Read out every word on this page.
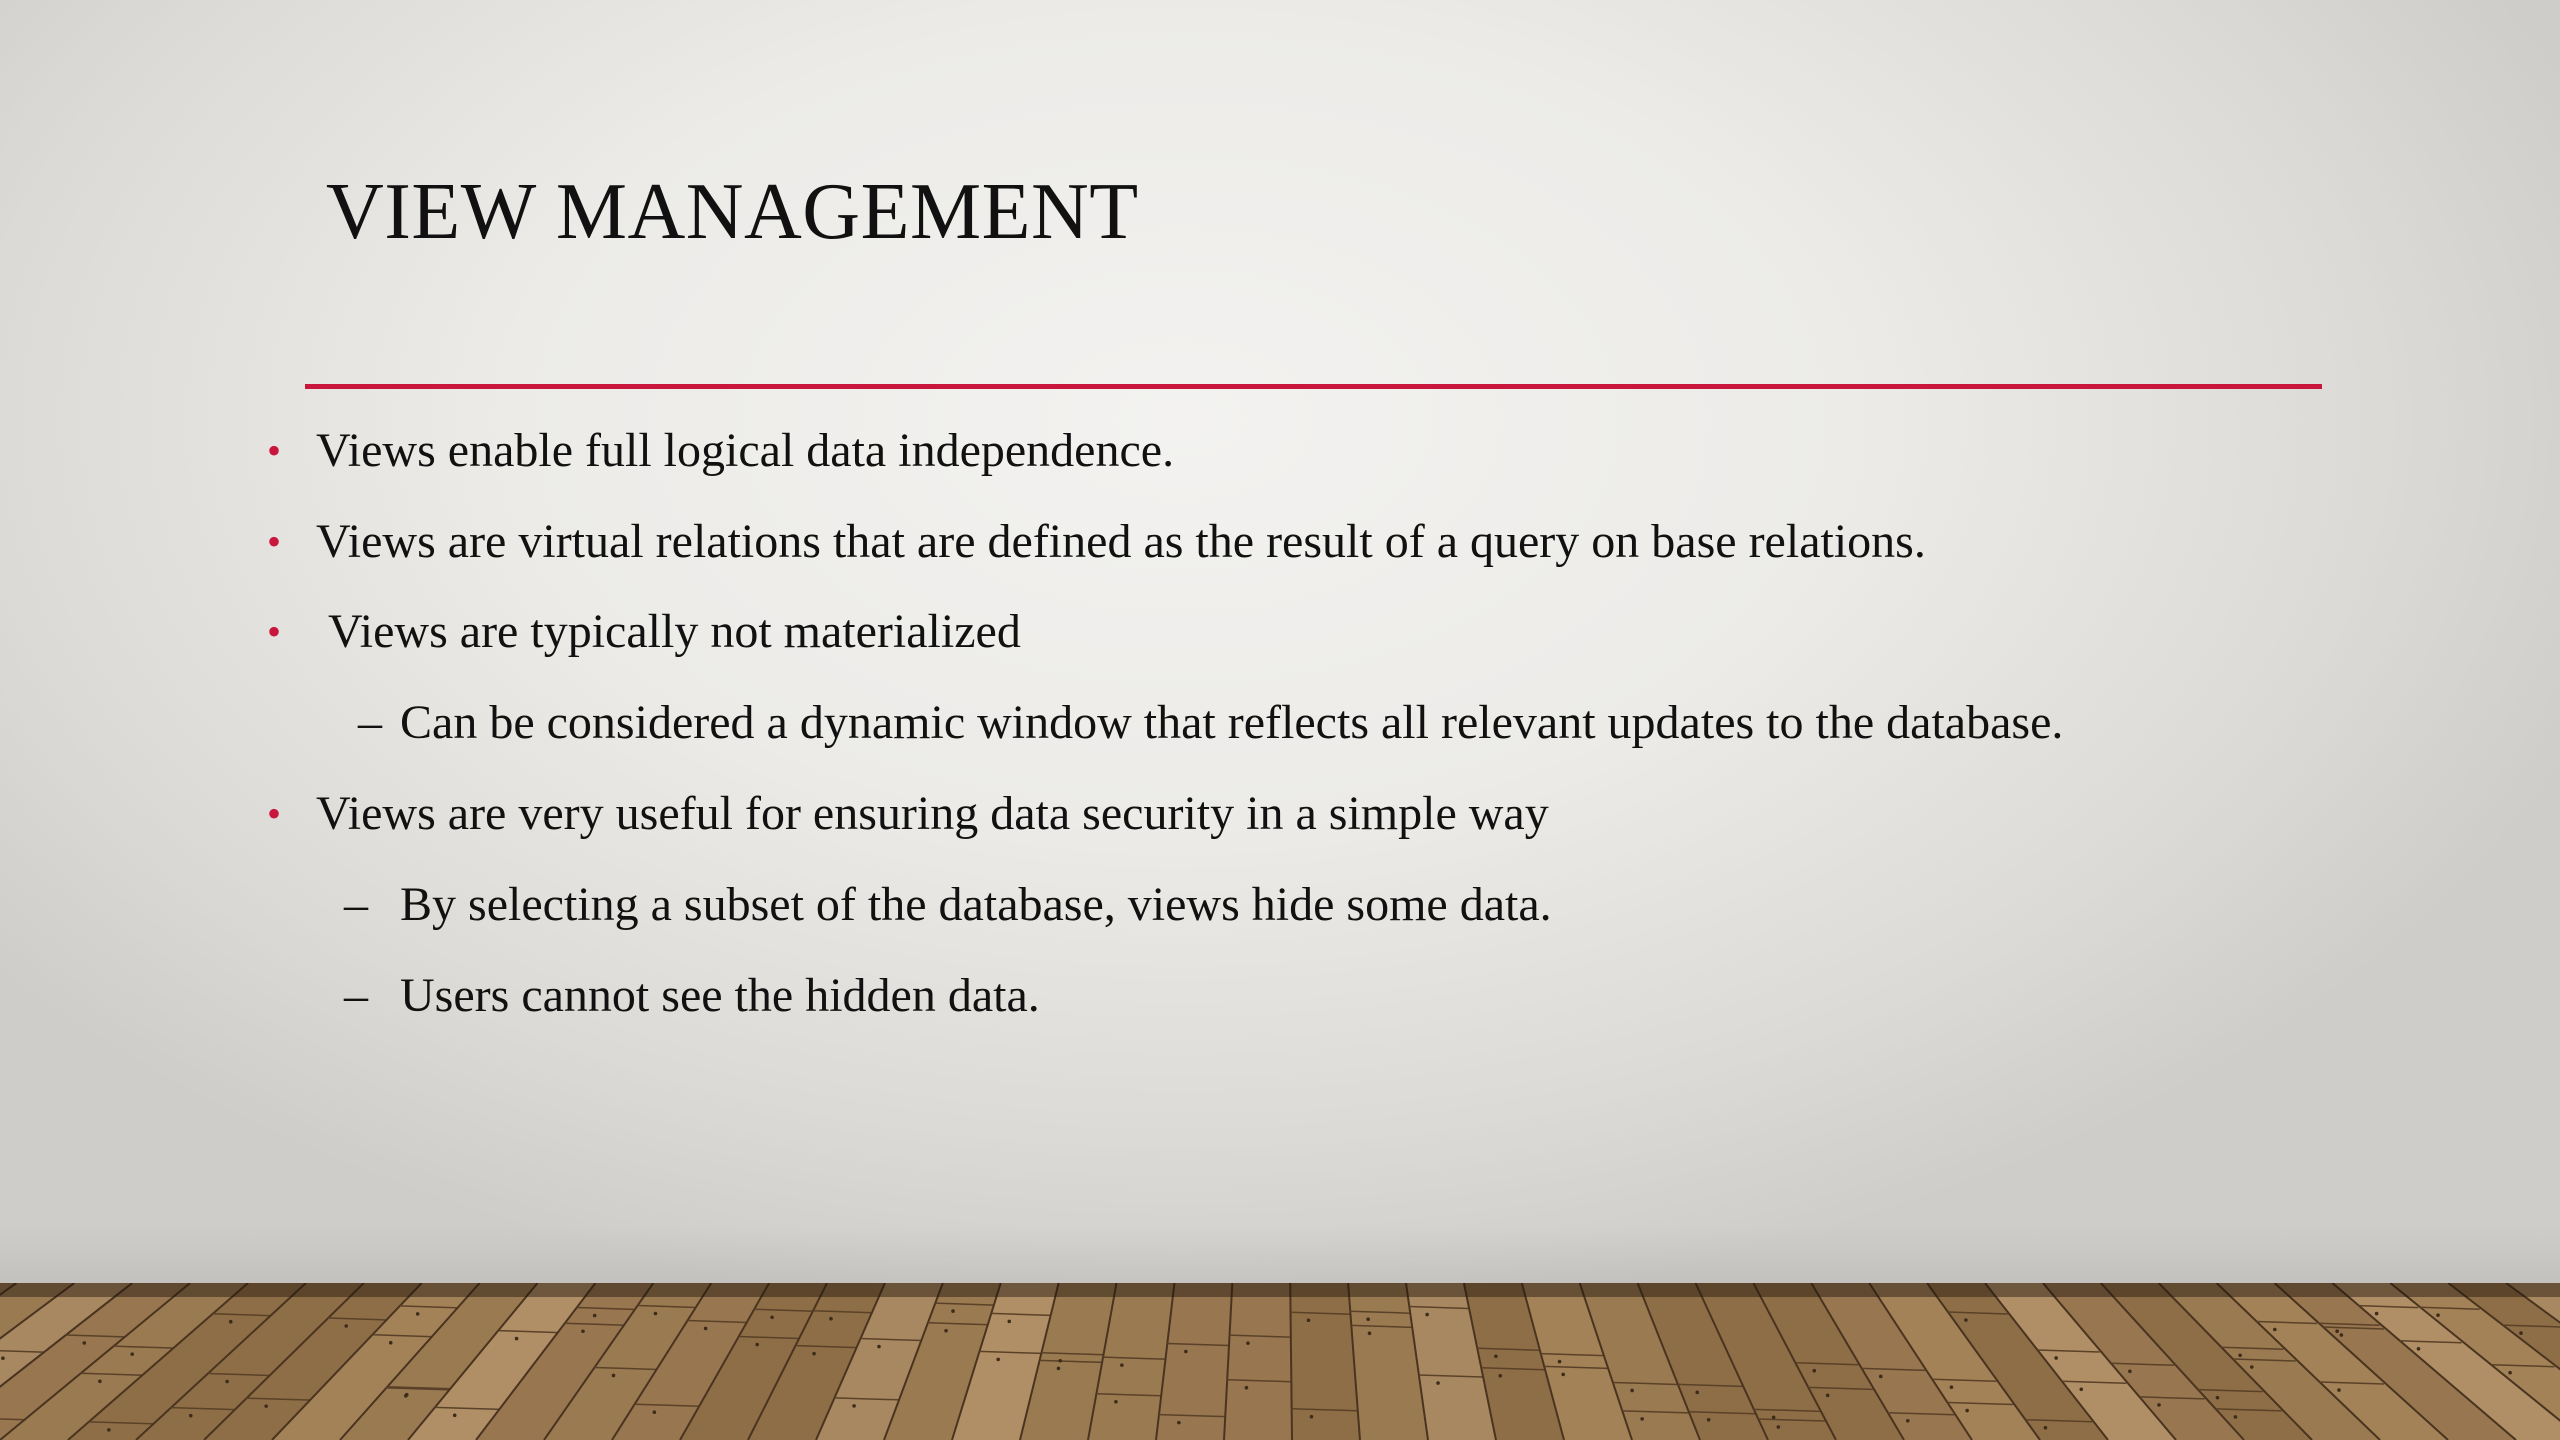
VIEW MANAGEMENT
• Views enable full logical data independence.
• Views are virtual relations that are defined as the result of a query on base relations.
• Views are typically not materialized
– Can be considered a dynamic window that reflects all relevant updates to the database.
• Views are very useful for ensuring data security in a simple way
– By selecting a subset of the database, views hide some data.
– Users cannot see the hidden data.
